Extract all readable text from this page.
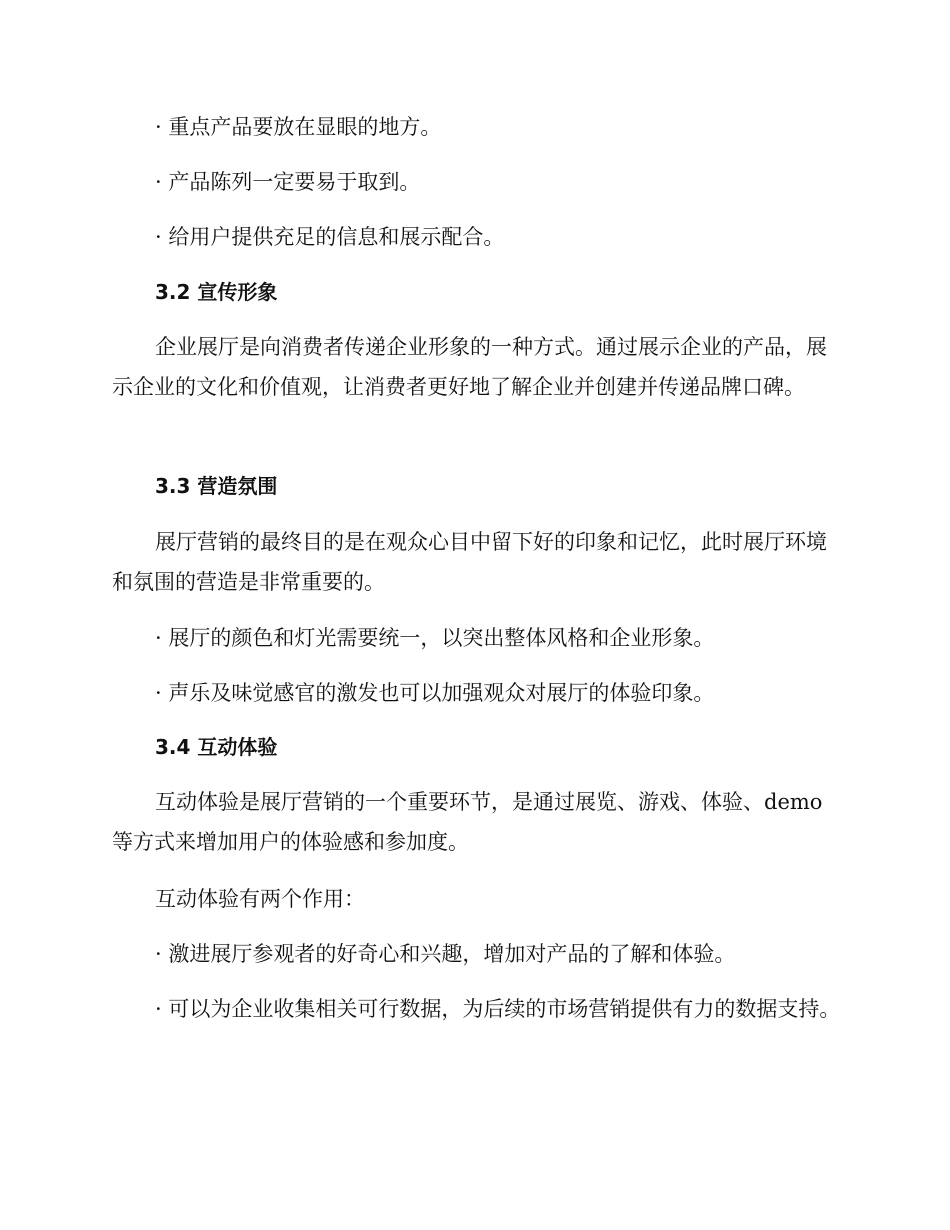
· 重点产品要放在显眼的地方。

· 产品陈列一定要易于取到。

· 给用户提供充足的信息和展示配合。

3.2 宣传形象

企业展厅是向消费者传递企业形象的一种方式。通过展示企业的产品，展示企业的文化和价值观，让消费者更好地了解企业并创建并传递品牌口碑。

3.3 营造氛围

展厅营销的最终目的是在观众心目中留下好的印象和记忆，此时展厅环境和氛围的营造是非常重要的。

· 展厅的颜色和灯光需要统一，以突出整体风格和企业形象。

· 声乐及味觉感官的激发也可以加强观众对展厅的体验印象。

3.4 互动体验

互动体验是展厅营销的一个重要环节，是通过展览、游戏、体验、demo等方式来增加用户的体验感和参加度。

互动体验有两个作用：

· 激进展厅参观者的好奇心和兴趣，增加对产品的了解和体验。

· 可以为企业收集相关可行数据，为后续的市场营销提供有力的数据支持。
